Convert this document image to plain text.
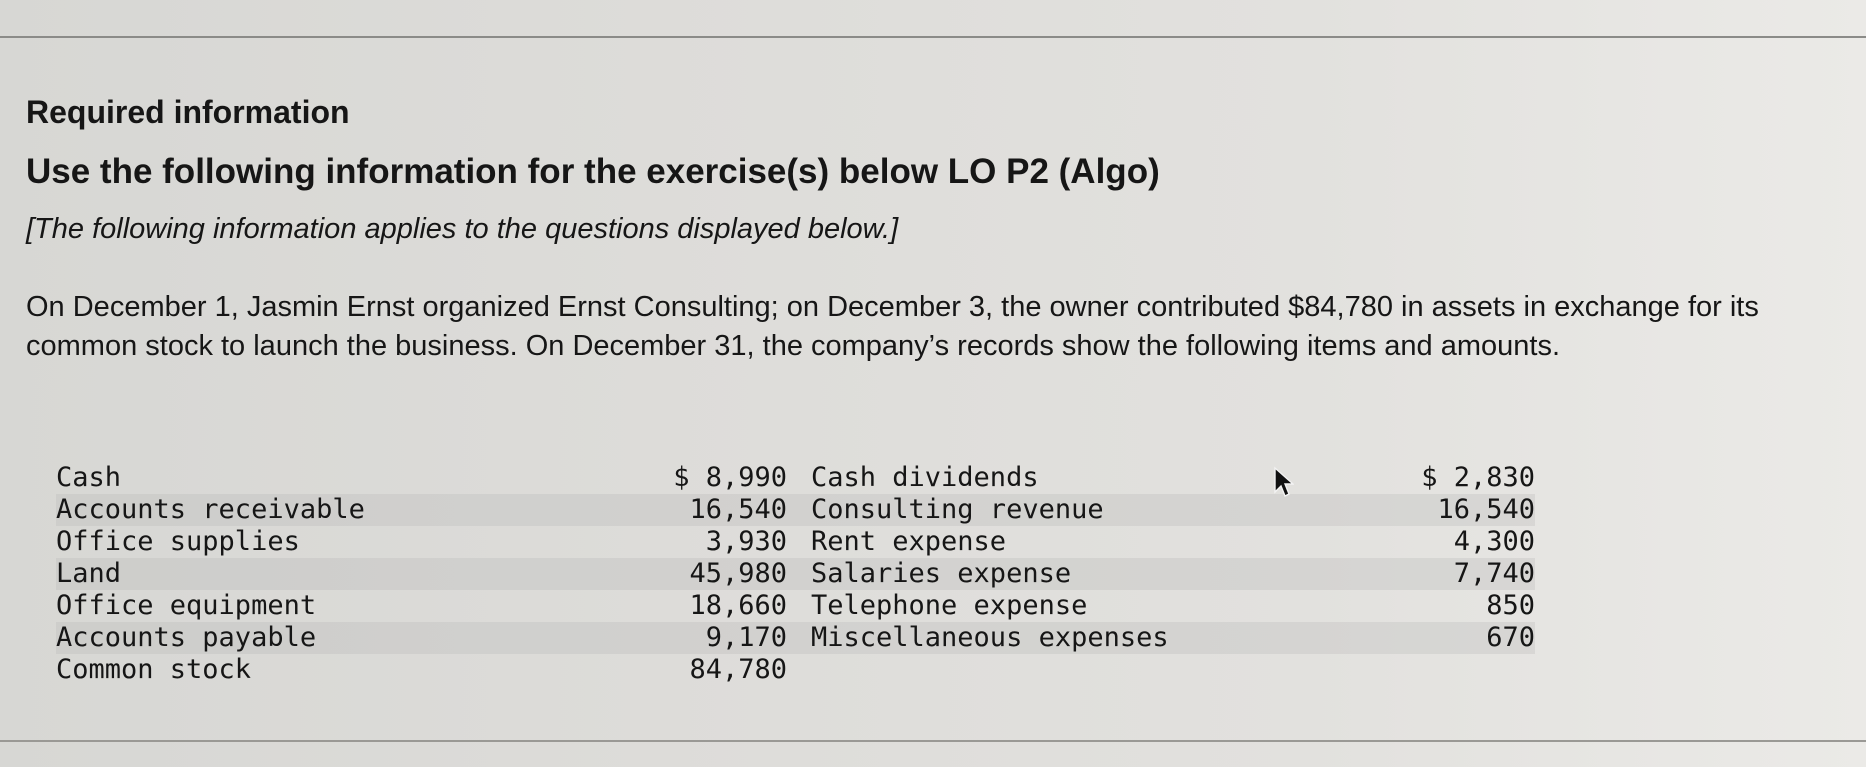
Required information
Use the following information for the exercise(s) below LO P2 (Algo)
[The following information applies to the questions displayed below.]
On December 1, Jasmin Ernst organized Ernst Consulting; on December 3, the owner contributed $84,780 in assets in exchange for its common stock to launch the business. On December 31, the company’s records show the following items and amounts.
Cash	$ 8,990	Cash dividends		$ 2,830
Accounts receivable	16,540	Consulting revenue		16,540
Office supplies	3,930	Rent expense		4,300
Land	45,980	Salaries expense		7,740
Office equipment	18,660	Telephone expense		850
Accounts payable	9,170	Miscellaneous expenses		670
Common stock	84,780			
